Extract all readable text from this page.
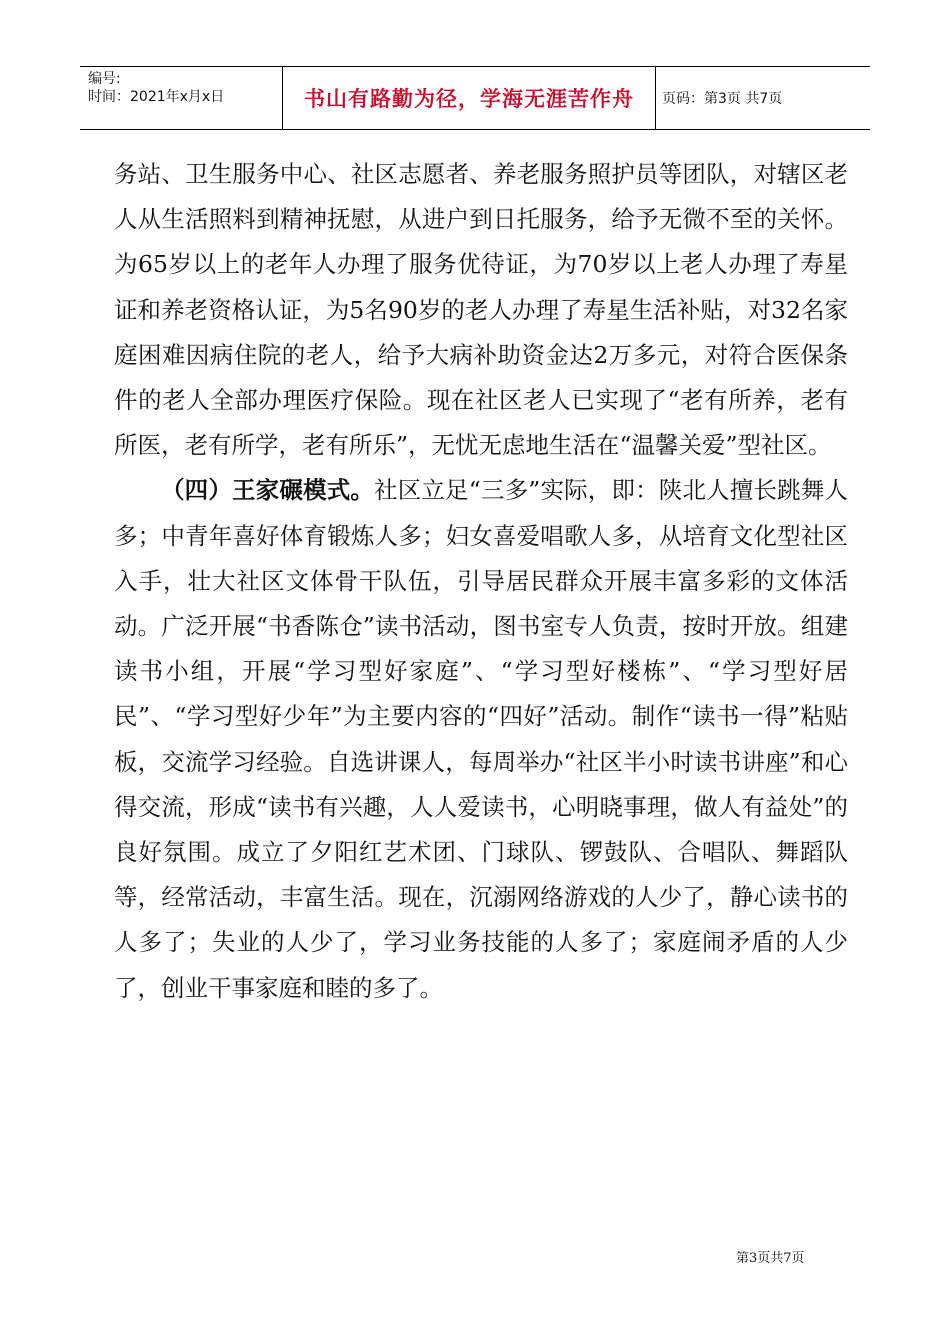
编号:
时间：2021年x月x日	书山有路勤为径，学海无涯苦作舟	页码：第3页 共7页

务站、卫生服务中心、社区志愿者、养老服务照护员等团队，对辖区老人从生活照料到精神抚慰，从进户到日托服务，给予无微不至的关怀。为65岁以上的老年人办理了服务优待证，为70岁以上老人办理了寿星证和养老资格认证，为5名90岁的老人办理了寿星生活补贴，对32名家庭困难因病住院的老人，给予大病补助资金达2万多元，对符合医保条件的老人全部办理医疗保险。现在社区老人已实现了“老有所养，老有所医，老有所学，老有所乐”，无忧无虑地生活在“温馨关爱”型社区。

（四）王家碾模式。社区立足“三多”实际，即：陕北人擅长跳舞人多；中青年喜好体育锻炼人多；妇女喜爱唱歌人多，从培育文化型社区入手，壮大社区文体骨干队伍，引导居民群众开展丰富多彩的文体活动。广泛开展“书香陈仓”读书活动，图书室专人负责，按时开放。组建读书小组，开展“学习型好家庭”、“学习型好楼栋”、“学习型好居民”、“学习型好少年”为主要内容的“四好”活动。制作“读书一得”粘贴板，交流学习经验。自选讲课人，每周举办“社区半小时读书讲座”和心得交流，形成“读书有兴趣，人人爱读书，心明晓事理，做人有益处”的良好氛围。成立了夕阳红艺术团、门球队、锣鼓队、合唱队、舞蹈队等，经常活动，丰富生活。现在，沉溺网络游戏的人少了，静心读书的人多了；失业的人少了，学习业务技能的人多了；家庭闹矛盾的人少了，创业干事家庭和睦的多了。

第3页共7页
